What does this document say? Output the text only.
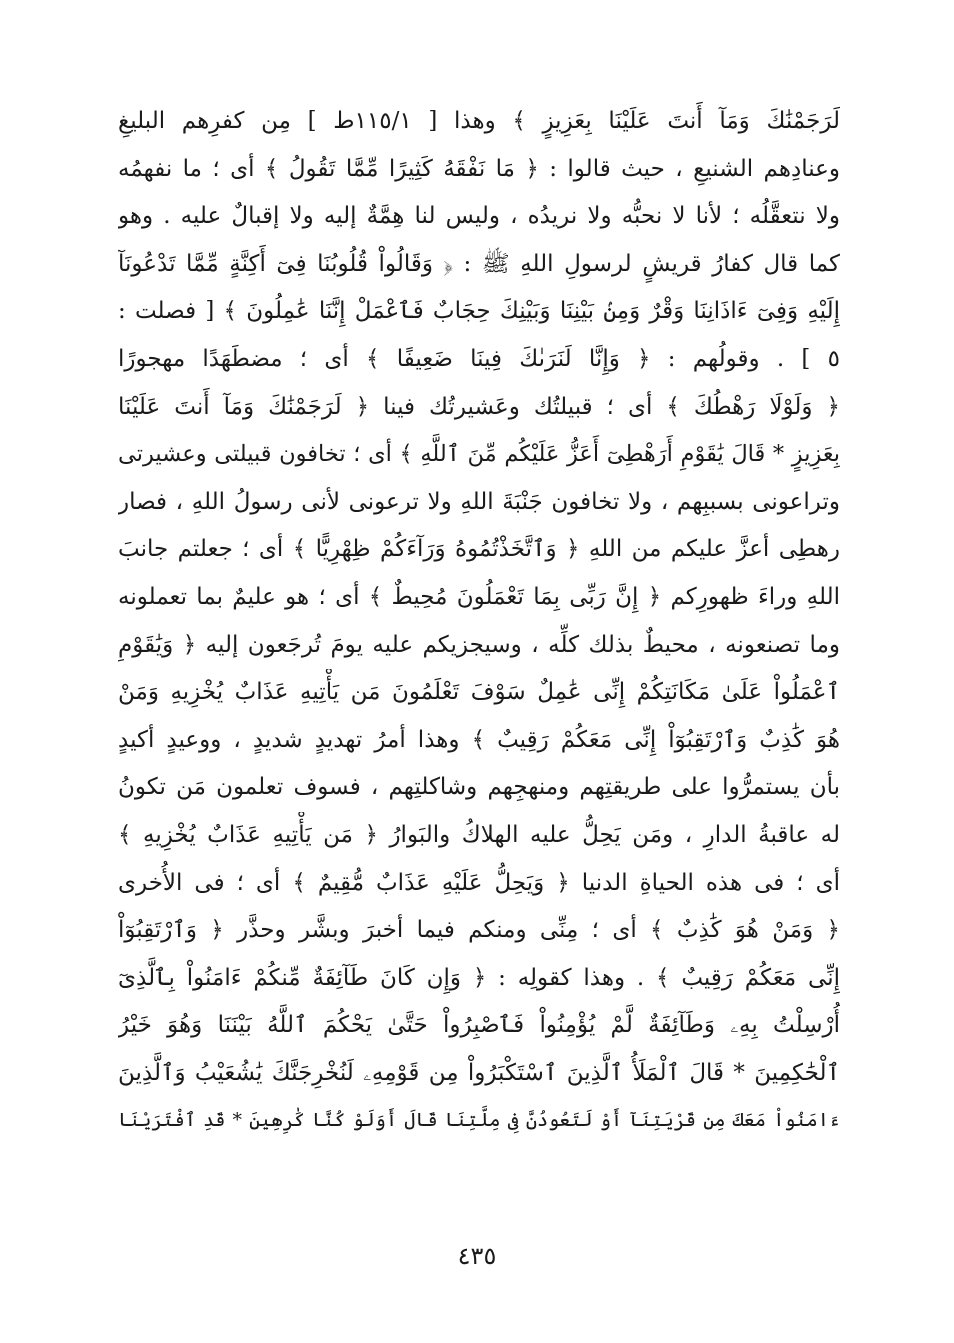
لَرَجَمْنَٰكَ وَمَآ أَنتَ عَلَيْنَا بِعَزِيزٍ ﴾ وهذا [ ١١٥/١ط ] مِن كفرِهم البليغِ
وعنادِهم الشنيعِ ، حيث قالوا : ﴿ مَا نَفْقَهُ كَثِيرًا مِّمَّا تَقُولُ ﴾ أى ؛ ما نفهمُه
ولا نتعقَّلُه ؛ لأنا لا نحبُّه ولا نريدُه ، وليس لنا هِمَّةٌ إليه ولا إقبالٌ عليه . وهو
كما قال كفارُ قريشٍ لرسولِ اللهِ ﷺ : ﴿ وَقَالُواْ قُلُوبُنَا فِىٓ أَكِنَّةٍ مِّمَّا تَدْعُونَآ
إِلَيْهِ وَفِىٓ ءَاذَانِنَا وَقْرٌ وَمِنۢ بَيْنِنَا وَبَيْنِكَ حِجَابٌ فَٱعْمَلْ إِنَّنَا عَٰمِلُونَ ﴾ [ فصلت :
٥ ] . وقولُهم : ﴿ وَإِنَّا لَنَرَىٰكَ فِينَا ضَعِيفًا ﴾ أى ؛ مضطَهَدًا مهجورًا
﴿ وَلَوْلَا رَهْطُكَ ﴾ أى ؛ قبيلتُك وعَشيرتُك فينا ﴿ لَرَجَمْنَٰكَ وَمَآ أَنتَ عَلَيْنَا
بِعَزِيزٍ ‌* قَالَ يَٰقَوْمِ أَرَهْطِىٓ أَعَزُّ عَلَيْكُم مِّنَ ٱللَّهِ ﴾ أى ؛ تخافون قبيلتى وعشيرتى
وتراعونى بسببِهم ، ولا تخافون جَنْبَةَ اللهِ ولا ترعونى لأنى رسولُ اللهِ ، فصار
رهطِى أعزَّ عليكم من اللهِ ﴿ وَٱتَّخَذْتُمُوهُ وَرَآءَكُمْ ظِهْرِيًّا ﴾ أى ؛ جعلتم جانبَ
اللهِ وراءَ ظهورِكم ﴿ إِنَّ رَبِّى بِمَا تَعْمَلُونَ مُحِيطٌ ﴾ أى ؛ هو عليمٌ بما تعملونه
وما تصنعونه ، محيطٌ بذلك كلِّه ، وسيجزيكم عليه يومَ تُرجَعون إليه ﴿ وَيَٰقَوْمِ
ٱعْمَلُواْ عَلَىٰ مَكَانَتِكُمْ إِنِّى عَٰمِلٌ سَوْفَ تَعْلَمُونَ مَن يَأْتِيهِ عَذَابٌ يُخْزِيهِ وَمَنْ
هُوَ كَٰذِبٌ وَٱرْتَقِبُوٓاْ إِنِّى مَعَكُمْ رَقِيبٌ ﴾ وهذا أمرُ تهديدٍ شديدٍ ، ووعيدٍ أكيدٍ
بأن يستمرُّوا على طريقتِهم ومنهجِهم وشاكلتِهم ، فسوف تعلمون مَن تكونُ
له عاقبةُ الدارِ ، ومَن يَحِلُّ عليه الهلاكُ والبَوارُ ﴿ مَن يَأْتِيهِ عَذَابٌ يُخْزِيهِ ﴾
أى ؛ فى هذه الحياةِ الدنيا ﴿ وَيَحِلُّ عَلَيْهِ عَذَابٌ مُّقِيمٌ ﴾ أى ؛ فى الأُخرى
﴿ وَمَنْ هُوَ كَٰذِبٌ ﴾ أى ؛ مِنِّى ومنكم فيما أخبرَ وبشَّر وحذَّر ﴿ وَٱرْتَقِبُوٓاْ
إِنِّى مَعَكُمْ رَقِيبٌ ﴾ . وهذا كقولِه : ﴿ وَإِن كَانَ طَآئِفَةٌ مِّنكُمْ ءَامَنُواْ بِٱلَّذِىٓ
أُرْسِلْتُ بِهِۦ وَطَآئِفَةٌ لَّمْ يُؤْمِنُواْ فَٱصْبِرُواْ حَتَّىٰ يَحْكُمَ ٱللَّهُ بَيْنَنَا وَهُوَ خَيْرُ
ٱلْحَٰكِمِينَ ‌* قَالَ ٱلْمَلَأُ ٱلَّذِينَ ٱسْتَكْبَرُواْ مِن قَوْمِهِۦ لَنُخْرِجَنَّكَ يَٰشُعَيْبُ وَٱلَّذِينَ
ءَامَنُواْ مَعَكَ مِن قَرْيَتِنَآ أَوْ لَتَعُودُنَّ فِى مِلَّتِنَا قَالَ أَوَلَوْ كُنَّا كَٰرِهِينَ ‌* قَدِ ٱفْتَرَيْنَا
٤٣٥
